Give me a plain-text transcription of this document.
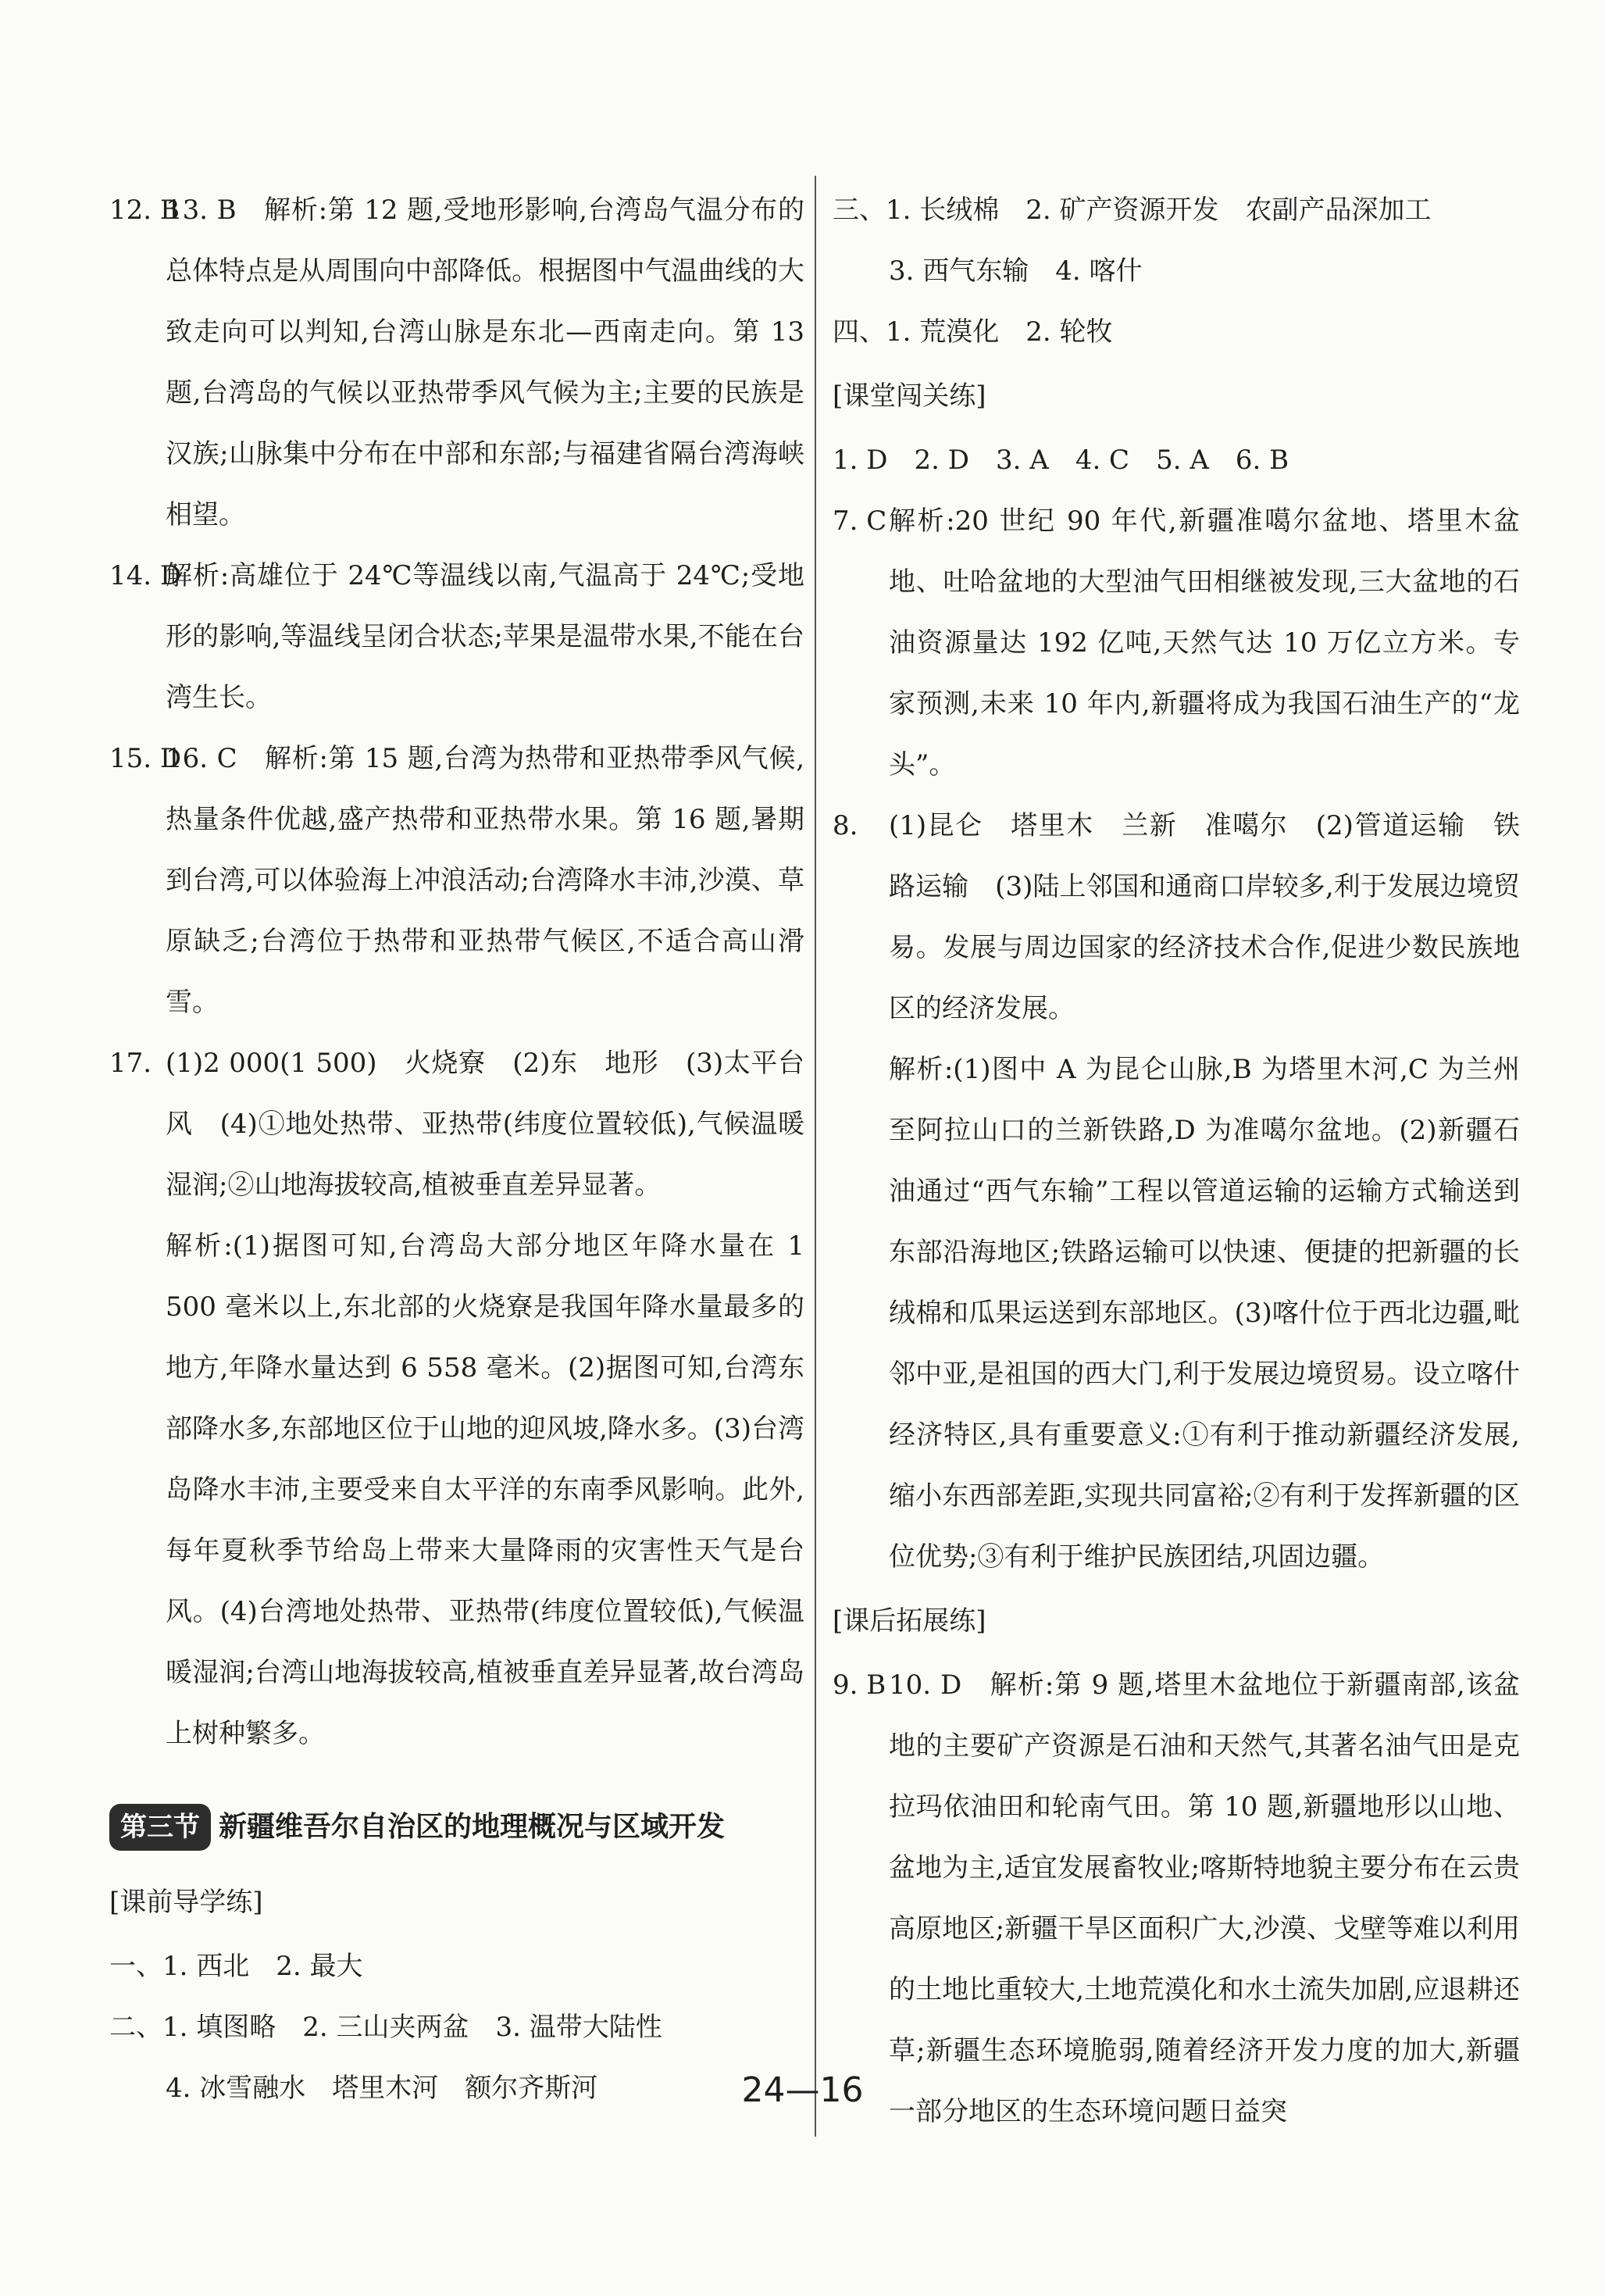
12. B
13. B　解析:第 12 题,受地形影响,台湾岛气温分布的总体特点是从周围向中部降低。根据图中气温曲线的大致走向可以判知,台湾山脉是东北—西南走向。第 13 题,台湾岛的气候以亚热带季风气候为主;主要的民族是汉族;山脉集中分布在中部和东部;与福建省隔台湾海峡相望。
14. D
解析:高雄位于 24℃等温线以南,气温高于 24℃;受地形的影响,等温线呈闭合状态;苹果是温带水果,不能在台湾生长。
15. D
16. C　解析:第 15 题,台湾为热带和亚热带季风气候,热量条件优越,盛产热带和亚热带水果。第 16 题,暑期到台湾,可以体验海上冲浪活动;台湾降水丰沛,沙漠、草原缺乏;台湾位于热带和亚热带气候区,不适合高山滑雪。
17. (1)2 000(1 500)　火烧寮　(2)东　地形　(3)太平台风　(4)①地处热带、亚热带(纬度位置较低),气候温暖湿润;②山地海拔较高,植被垂直差异显著。
解析:(1)据图可知,台湾岛大部分地区年降水量在 1 500 毫米以上,东北部的火烧寮是我国年降水量最多的地方,年降水量达到 6 558 毫米。(2)据图可知,台湾东部降水多,东部地区位于山地的迎风坡,降水多。(3)台湾岛降水丰沛,主要受来自太平洋的东南季风影响。此外,每年夏秋季节给岛上带来大量降雨的灾害性天气是台风。(4)台湾地处热带、亚热带(纬度位置较低),气候温暖湿润;台湾山地海拔较高,植被垂直差异显著,故台湾岛上树种繁多。
第三节 新疆维吾尔自治区的地理概况与区域开发
[课前导学练]
一、1. 西北　2. 最大
二、1. 填图略　2. 三山夹两盆　3. 温带大陆性
4. 冰雪融水　塔里木河　额尔齐斯河
三、1. 长绒棉　2. 矿产资源开发　农副产品深加工
3. 西气东输　4. 喀什
四、1. 荒漠化　2. 轮牧
[课堂闯关练]
1. D　2. D　3. A　4. C　5. A　6. B
7. C 解析:20 世纪 90 年代,新疆准噶尔盆地、塔里木盆地、吐哈盆地的大型油气田相继被发现,三大盆地的石油资源量达 192 亿吨,天然气达 10 万亿立方米。专家预测,未来 10 年内,新疆将成为我国石油生产的“龙头”。
8.	(1)昆仑　塔里木　兰新　准噶尔　(2)管道运输　铁路运输　(3)陆上邻国和通商口岸较多,利于发展边境贸易。发展与周边国家的经济技术合作,促进少数民族地区的经济发展。
解析:(1)图中 A 为昆仑山脉,B 为塔里木河,C 为兰州至阿拉山口的兰新铁路,D 为准噶尔盆地。(2)新疆石油通过“西气东输”工程以管道运输的运输方式输送到东部沿海地区;铁路运输可以快速、便捷的把新疆的长绒棉和瓜果运送到东部地区。(3)喀什位于西北边疆,毗邻中亚,是祖国的西大门,利于发展边境贸易。设立喀什经济特区,具有重要意义:①有利于推动新疆经济发展,缩小东西部差距,实现共同富裕;②有利于发挥新疆的区位优势;③有利于维护民族团结,巩固边疆。
[课后拓展练]
9. B 10. D　解析:第 9 题,塔里木盆地位于新疆南部,该盆地的主要矿产资源是石油和天然气,其著名油气田是克拉玛依油田和轮南气田。第 10 题,新疆地形以山地、盆地为主,适宜发展畜牧业;喀斯特地貌主要分布在云贵高原地区;新疆干旱区面积广大,沙漠、戈壁等难以利用的土地比重较大,土地荒漠化和水土流失加剧,应退耕还草;新疆生态环境脆弱,随着经济开发力度的加大,新疆一部分地区的生态环境问题日益突
24—16
